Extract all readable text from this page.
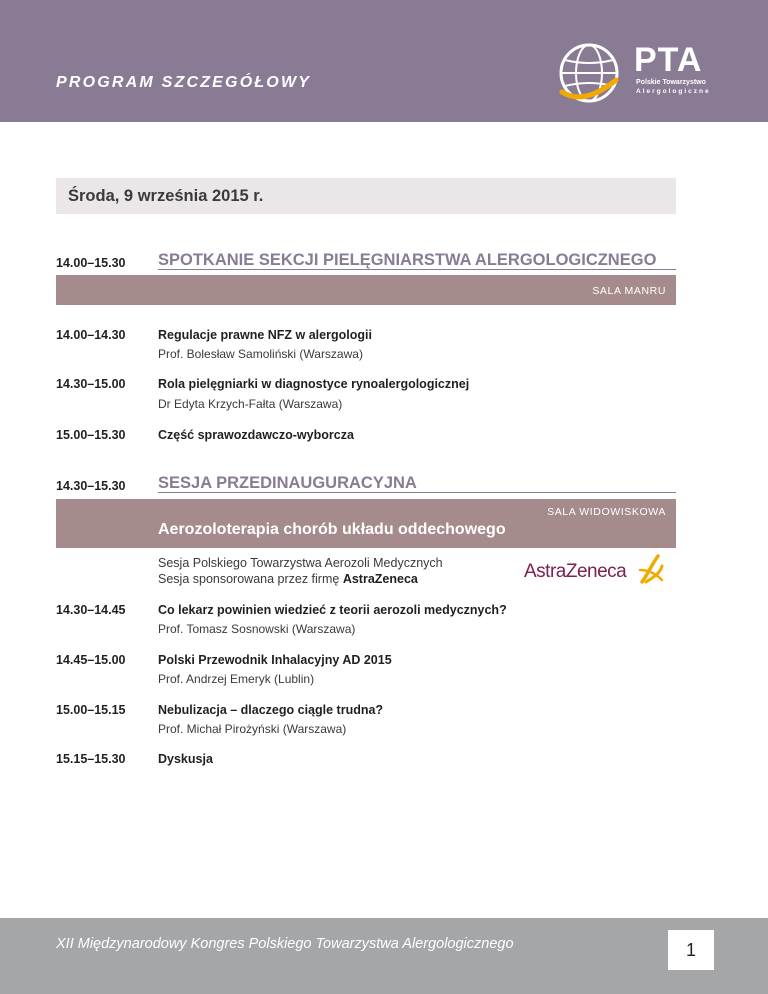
PROGRAM SZCZEGÓŁOWY
PTA
Polskie Towarzystwo
Alergologiczne
Środa, 9 września 2015 r.
14.00–15.30 SPOTKANIE SEKCJI PIELĘGNIARSTWA ALERGOLOGICZNEGO
SALA MANRU
14.00–14.30	Regulacje prawne NFZ w alergologii
Prof. Bolesław Samoliński (Warszawa)
14.30–15.00	Rola pielęgniarki w diagnostyce rynoalergologicznej
Dr Edyta Krzych-Fałta (Warszawa)
15.00–15.30	Część sprawozdawczo-wyborcza
14.30–15.30 SESJA PRZEDINAUGURACYJNA
SALA WIDOWISKOWA
Aerozoloterapia chorób układu oddechowego
Sesja Polskiego Towarzystwa Aerozoli Medycznych
Sesja sponsorowana przez firmę AstraZeneca	AstraZeneca
14.30–14.45	Co lekarz powinien wiedzieć z teorii aerozoli medycznych?
Prof. Tomasz Sosnowski (Warszawa)
14.45–15.00	Polski Przewodnik Inhalacyjny AD 2015
Prof. Andrzej Emeryk (Lublin)
15.00–15.15	Nebulizacja – dlaczego ciągle trudna?
Prof. Michał Pirożyński (Warszawa)
15.15–15.30	Dyskusja
XII Międzynarodowy Kongres Polskiego Towarzystwa Alergologicznego	1
